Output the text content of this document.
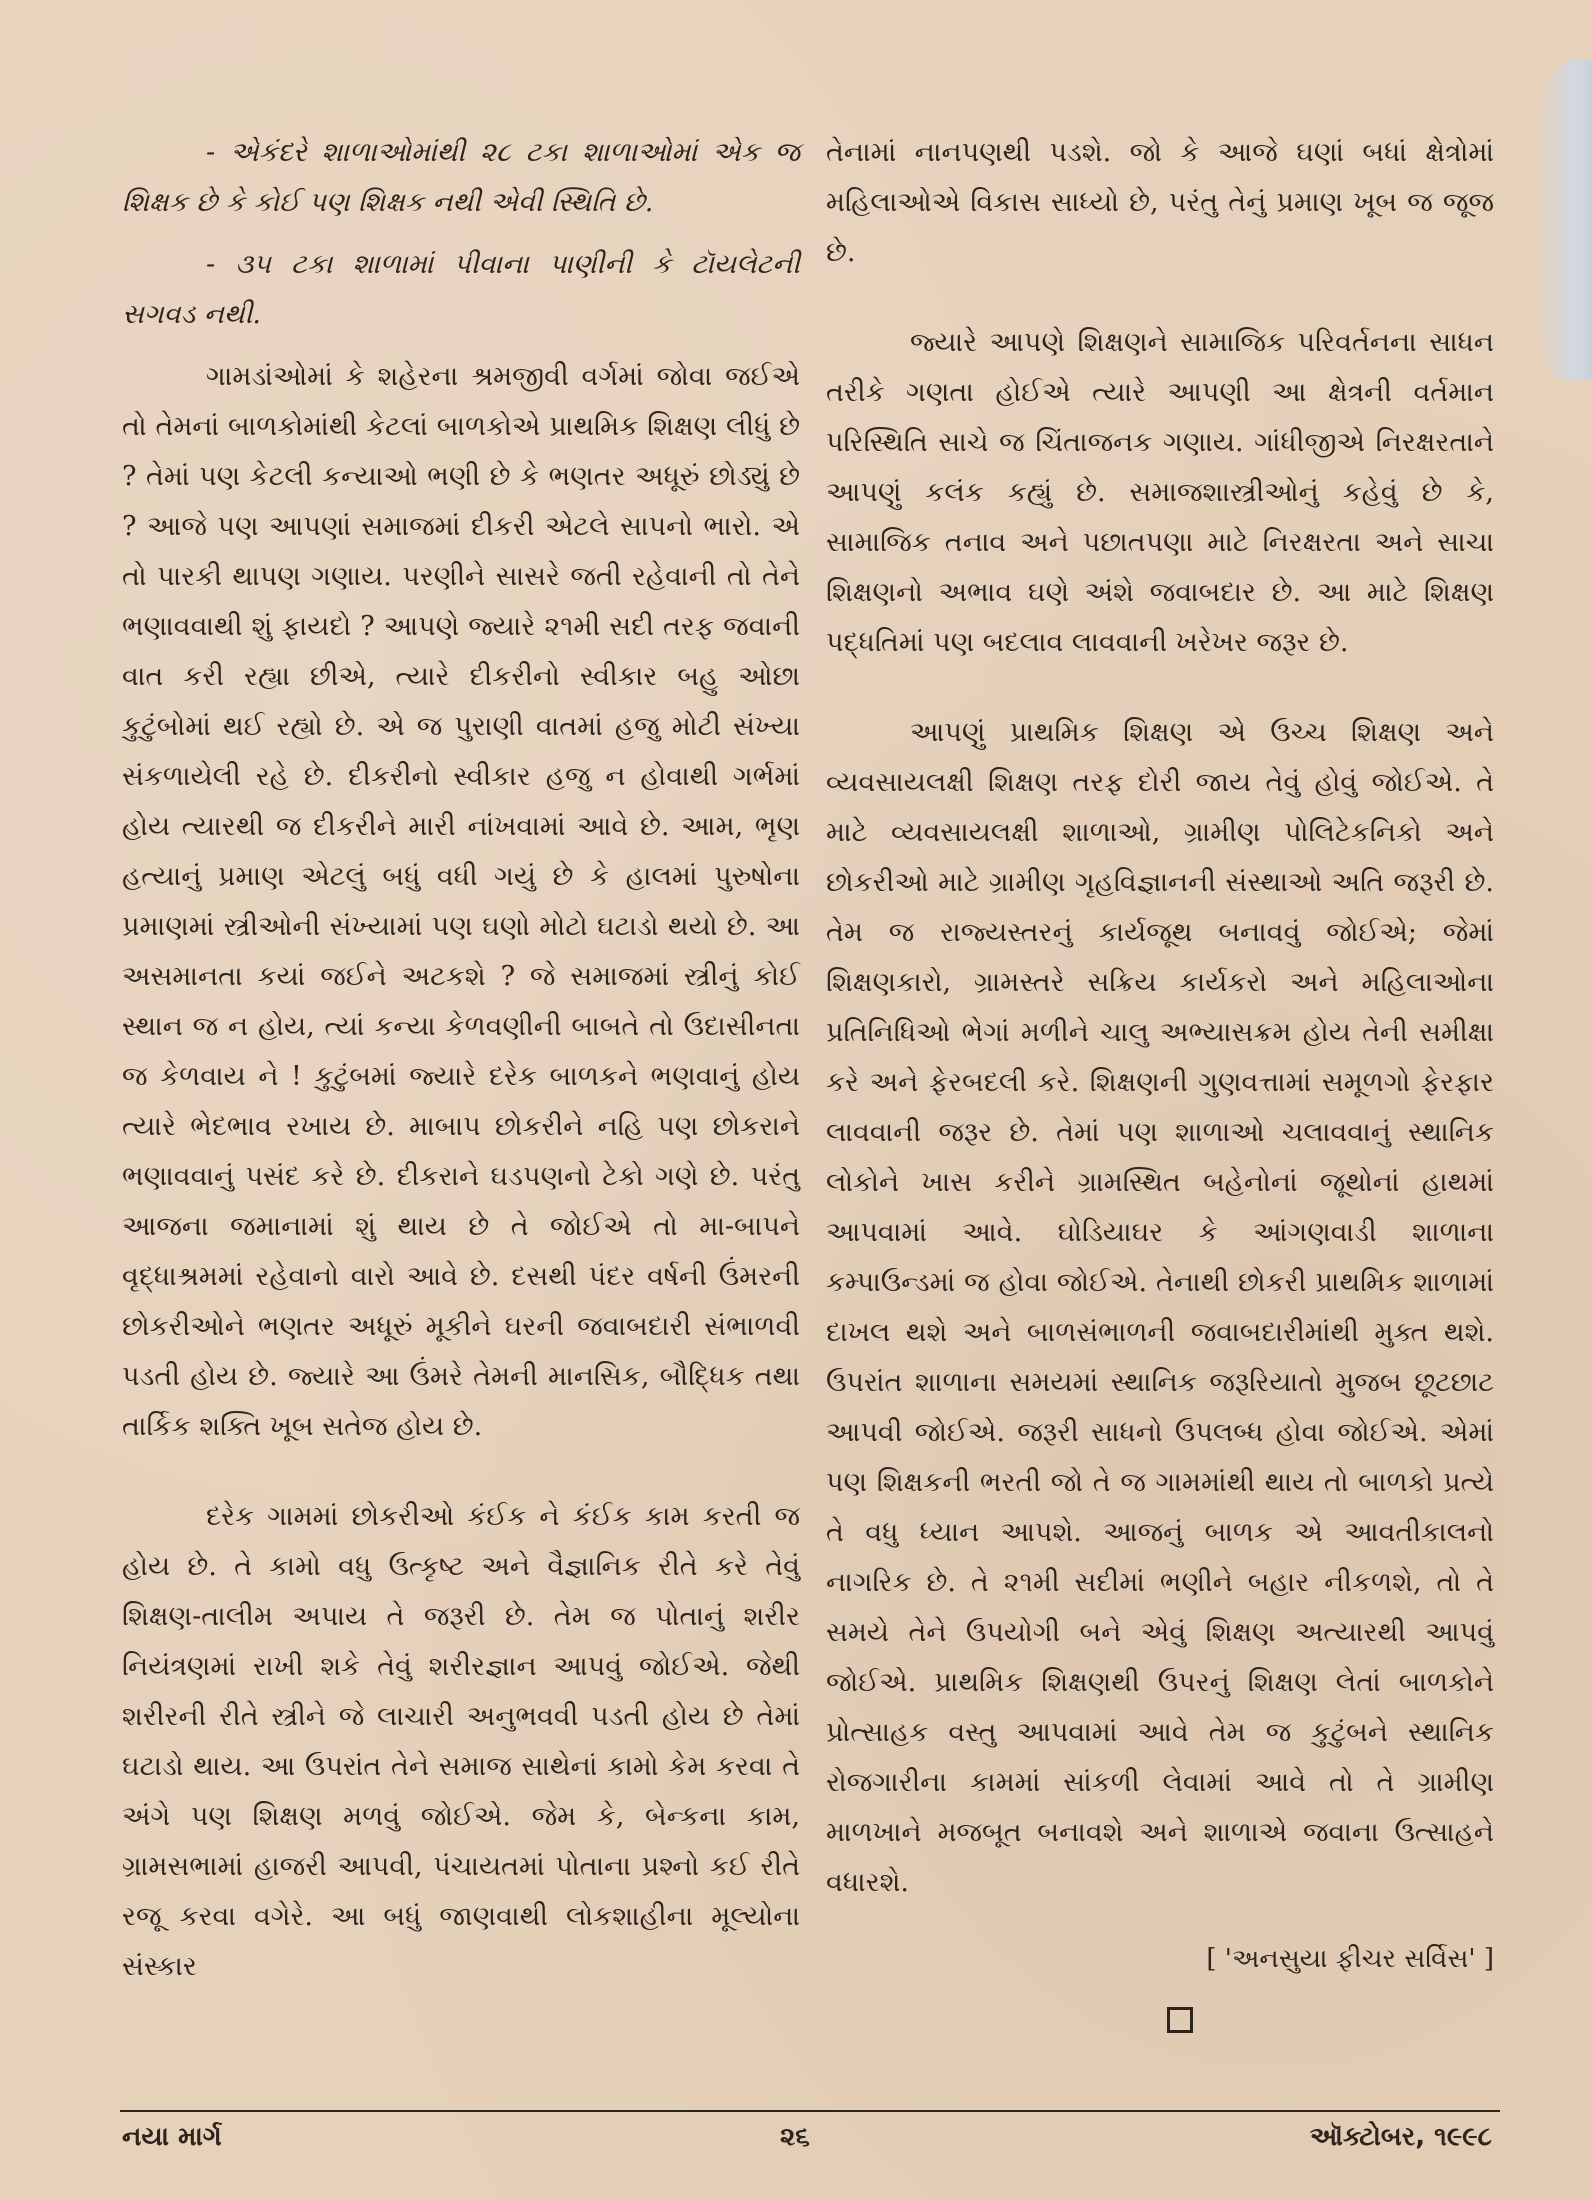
- એકંદરે શાળાઓમાંથી ૨૮ ટકા શાળાઓમાં એક જ શિક્ષક છે કે કોઈ પણ શિક્ષક નથી એવી સ્થિતિ છે.

- ૩૫ ટકા શાળામાં પીવાના પાણીની કે ટૉયલેટની સગવડ નથી.

ગામડાંઓમાં કે શહેરના શ્રમજીવી વર્ગમાં જોવા જઈએ તો તેમનાં બાળકોમાંથી કેટલાં બાળકોએ પ્રાથમિક શિક્ષણ લીધું છે ? તેમાં પણ કેટલી કન્યાઓ ભણી છે કે ભણતર અધૂરું છોડ્યું છે ? આજે પણ આપણાં સમાજમાં દીકરી એટલે સાપનો ભારો. એ તો પારકી થાપણ ગણાય. પરણીને સાસરે જતી રહેવાની તો તેને ભણાવવાથી શું ફાયદો ? આપણે જ્યારે ૨૧મી સદી તરફ જવાની વાત કરી રહ્યા છીએ, ત્યારે દીકરીનો સ્વીકાર બહુ ઓછા કુટુંબોમાં થઈ રહ્યો છે. એ જ પુરાણી વાતમાં હજુ મોટી સંખ્યા સંકળાયેલી રહે છે. દીકરીનો સ્વીકાર હજુ ન હોવાથી ગર્ભમાં હોય ત્યારથી જ દીકરીને મારી નાંખવામાં આવે છે. આમ, ભૃણ હત્યાનું પ્રમાણ એટલું બધું વધી ગયું છે કે હાલમાં પુરુષોના પ્રમાણમાં સ્ત્રીઓની સંખ્યામાં પણ ઘણો મોટો ઘટાડો થયો છે. આ અસમાનતા કયાં જઈને અટકશે ? જે સમાજમાં સ્ત્રીનું કોઈ સ્થાન જ ન હોય, ત્યાં કન્યા કેળવણીની બાબતે તો ઉદાસીનતા જ કેળવાય ને ! કુટુંબમાં જ્યારે દરેક બાળકને ભણવાનું હોય ત્યારે ભેદભાવ રખાય છે. માબાપ છોકરીને નહિ પણ છોકરાને ભણાવવાનું પસંદ કરે છે. દીકરાને ઘડપણનો ટેકો ગણે છે. પરંતુ આજના જમાનામાં શું થાય છે તે જોઈએ તો મા-બાપને વૃદ્ધાશ્રમમાં રહેવાનો વારો આવે છે. દસથી પંદર વર્ષની ઉંમરની છોકરીઓને ભણતર અધૂરું મૂકીને ઘરની જવાબદારી સંભાળવી પડતી હોય છે. જ્યારે આ ઉંમરે તેમની માનસિક, બૌદ્ધિક તથા તાર્કિક શક્તિ ખૂબ સતેજ હોય છે.

દરેક ગામમાં છોકરીઓ કંઈક ને કંઈક કામ કરતી જ હોય છે. તે કામો વધુ ઉત્કૃષ્ટ અને વૈજ્ઞાનિક રીતે કરે તેવું શિક્ષણ-તાલીમ અપાય તે જરૂરી છે. તેમ જ પોતાનું શરીર નિયંત્રણમાં રાખી શકે તેવું શરીરજ્ઞાન આપવું જોઈએ. જેથી શરીરની રીતે સ્ત્રીને જે લાચારી અનુભવવી પડતી હોય છે તેમાં ઘટાડો થાય. આ ઉપરાંત તેને સમાજ સાથેનાં કામો કેમ કરવા તે અંગે પણ શિક્ષણ મળવું જોઈએ. જેમ કે, બેન્કના કામ, ગ્રામસભામાં હાજરી આપવી, પંચાયતમાં પોતાના પ્રશ્નો કઈ રીતે રજૂ કરવા વગેરે. આ બધું જાણવાથી લોકશાહીના મૂલ્યોના સંસ્કાર

તેનામાં નાનપણથી પડશે. જો કે આજે ઘણાં બધાં ક્ષેત્રોમાં મહિલાઓએ વિકાસ સાધ્યો છે, પરંતુ તેનું પ્રમાણ ખૂબ જ જૂજ છે.

જ્યારે આપણે શિક્ષણને સામાજિક પરિવર્તનના સાધન તરીકે ગણતા હોઈએ ત્યારે આપણી આ ક્ષેત્રની વર્તમાન પરિસ્થિતિ સાચે જ ચિંતાજનક ગણાય. ગાંધીજીએ નિરક્ષરતાને આપણું કલંક કહ્યું છે. સમાજશાસ્ત્રીઓનું કહેવું છે કે, સામાજિક તનાવ અને પછાતપણા માટે નિરક્ષરતા અને સાચા શિક્ષણનો અભાવ ઘણે અંશે જવાબદાર છે. આ માટે શિક્ષણ પદ્ધતિમાં પણ બદલાવ લાવવાની ખરેખર જરૂર છે.

આપણું પ્રાથમિક શિક્ષણ એ ઉચ્ચ શિક્ષણ અને વ્યવસાયલક્ષી શિક્ષણ તરફ દોરી જાય તેવું હોવું જોઈએ. તે માટે વ્યવસાયલક્ષી શાળાઓ, ગ્રામીણ પોલિટેકનિકો અને છોકરીઓ માટે ગ્રામીણ ગૃહવિજ્ઞાનની સંસ્થાઓ અતિ જરૂરી છે. તેમ જ રાજ્યસ્તરનું કાર્યજૂથ બનાવવું જોઈએ; જેમાં શિક્ષણકારો, ગ્રામસ્તરે સક્રિય કાર્યકરો અને મહિલાઓના પ્રતિનિધિઓ ભેગાં મળીને ચાલુ અભ્યાસક્રમ હોય તેની સમીક્ષા કરે અને ફેરબદલી કરે. શિક્ષણની ગુણવત્તામાં સમૂળગો ફેરફાર લાવવાની જરૂર છે. તેમાં પણ શાળાઓ ચલાવવાનું સ્થાનિક લોકોને ખાસ કરીને ગ્રામસ્થિત બહેનોનાં જૂથોનાં હાથમાં આપવામાં આવે. ઘોડિયાઘર કે આંગણવાડી શાળાના કમ્પાઉન્ડમાં જ હોવા જોઈએ. તેનાથી છોકરી પ્રાથમિક શાળામાં દાખલ થશે અને બાળસંભાળની જવાબદારીમાંથી મુક્ત થશે. ઉપરાંત શાળાના સમયમાં સ્થાનિક જરૂરિયાતો મુજબ છૂટછાટ આપવી જોઈએ. જરૂરી સાધનો ઉપલબ્ધ હોવા જોઈએ. એમાં પણ શિક્ષકની ભરતી જો તે જ ગામમાંથી થાય તો બાળકો પ્રત્યે તે વધુ ધ્યાન આપશે. આજનું બાળક એ આવતીકાલનો નાગરિક છે. તે ૨૧મી સદીમાં ભણીને બહાર નીકળશે, તો તે સમયે તેને ઉપયોગી બને એવું શિક્ષણ અત્યારથી આપવું જોઈએ. પ્રાથમિક શિક્ષણથી ઉપરનું શિક્ષણ લેતાં બાળકોને પ્રોત્સાહક વસ્તુ આપવામાં આવે તેમ જ કુટુંબને સ્થાનિક રોજગારીના કામમાં સાંકળી લેવામાં આવે તો તે ગ્રામીણ માળખાને મજબૂત બનાવશે અને શાળાએ જવાના ઉત્સાહને વધારશે.

[ 'અનસુયા ફીચર સર્વિસ' ]
નયા માર્ગ	૨૬	ઑક્ટોબર, ૧૯૯૮
